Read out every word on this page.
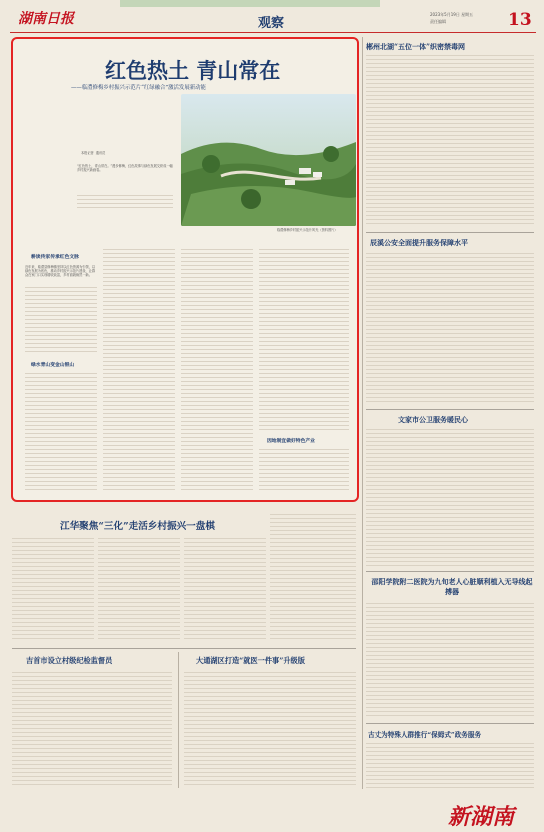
湖南日报	观察
2023年5月19日 星期五
责任编辑	13
红色热土 青山常在
——临澧修梅乡村振兴示范片“红绿融合”激活发展新动能
临澧修梅乡村振兴示范片风光（资料图片）
本报记者  通讯员
“红色热土，青山常在。”漫步修梅，红色故事与绿色发展交织成一幅乡村振兴新画卷。
耕读传家传承红色文脉
近年来，临澧县修梅镇坚持以红色资源为引领，以绿色发展为底色，推动乡村振兴示范片建设，让群众在家门口实现增收致富，乡村面貌焕然一新。
绿水青山变金山银山
因地制宜做好特色产业
郴州北湖“五位一体”织密禁毒网
辰溪公安全面提升服务保障水平
文家市公卫服务暖民心
邵阳学院附二医院为九旬老人心脏顺利植入无导线起搏器
古丈为特殊人群推行“保姆式”政务服务
江华聚焦“三化”走活乡村振兴一盘棋
吉首市设立村级纪检监督员	大通湖区打造“就医一件事”升级版
新湖南
